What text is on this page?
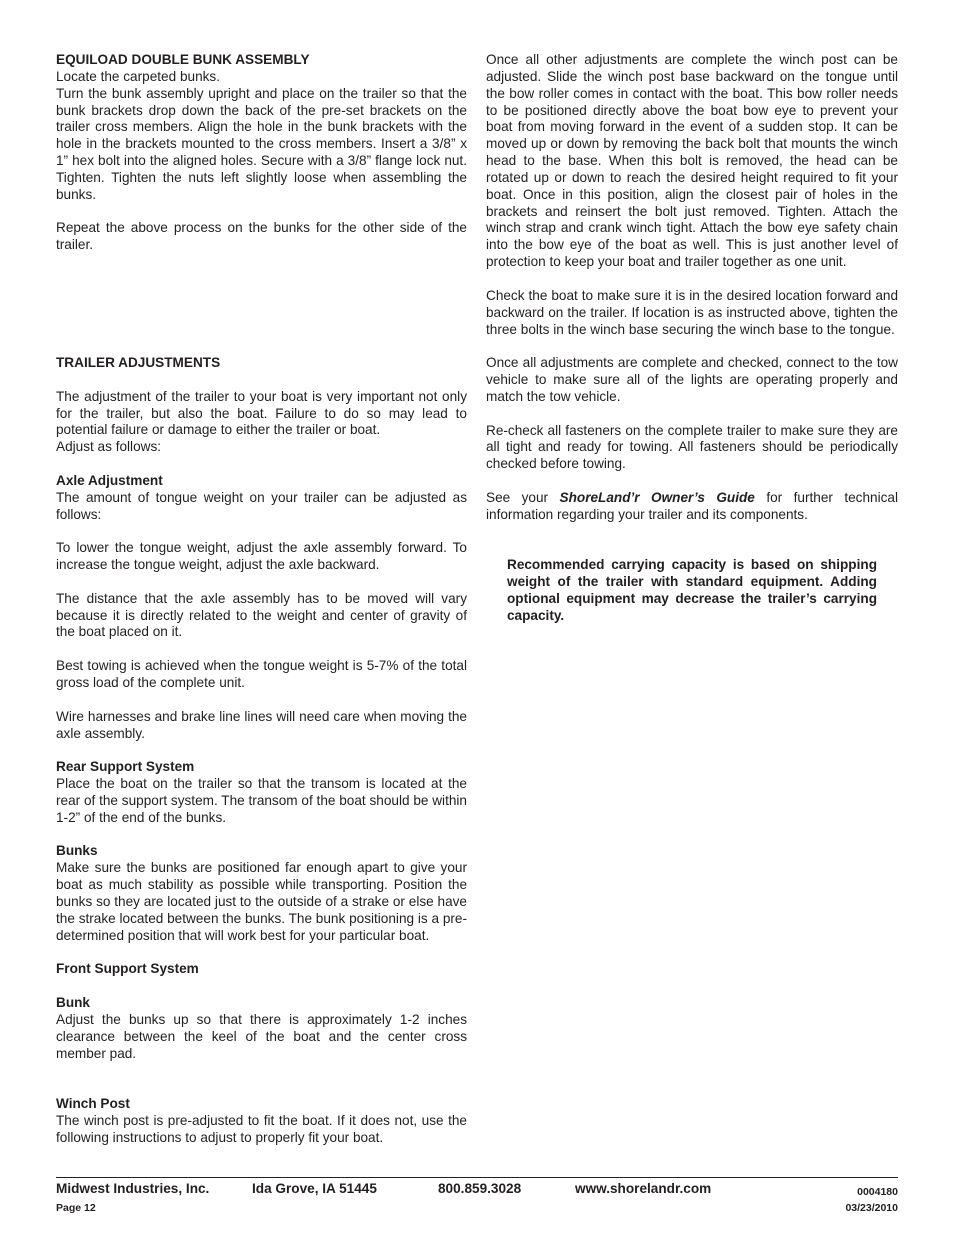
EQUILOAD DOUBLE BUNK ASSEMBLY

Locate the carpeted bunks.

Turn the bunk assembly upright and place on the trailer so that the bunk brackets drop down the back of the pre-set brackets on the trailer cross members. Align the hole in the bunk brackets with the hole in the brackets mounted to the cross members. Insert a 3/8” x 1” hex bolt into the aligned holes. Secure with a 3/8” flange lock nut. Tighten. Tighten the nuts left slightly loose when assembling the bunks.

Repeat the above process on the bunks for the other side of the trailer.

TRAILER ADJUSTMENTS

The adjustment of the trailer to your boat is very important not only for the trailer, but also the boat. Failure to do so may lead to potential failure or damage to either the trailer or boat.

Adjust as follows:

Axle Adjustment

The amount of tongue weight on your trailer can be adjusted as follows:

To lower the tongue weight, adjust the axle assembly forward. To increase the tongue weight, adjust the axle backward.

The distance that the axle assembly has to be moved will vary because it is directly related to the weight and center of gravity of the boat placed on it.

Best towing is achieved when the tongue weight is 5-7% of the total gross load of the complete unit.

Wire harnesses and brake line lines will need care when moving the axle assembly.

Rear Support System

Place the boat on the trailer so that the transom is located at the rear of the support system. The transom of the boat should be within 1-2” of the end of the bunks.

Bunks

Make sure the bunks are positioned far enough apart to give your boat as much stability as possible while transporting. Position the bunks so they are located just to the outside of a strake or else have the strake located between the bunks. The bunk positioning is a pre-determined position that will work best for your particular boat.

Front Support System

Bunk

Adjust the bunks up so that there is approximately 1-2 inches clearance between the keel of the boat and the center cross member pad.

Winch Post

The winch post is pre-adjusted to fit the boat. If it does not, use the following instructions to adjust to properly fit your boat.

Once all other adjustments are complete the winch post can be adjusted. Slide the winch post base backward on the tongue until the bow roller comes in contact with the boat. This bow roller needs to be positioned directly above the boat bow eye to prevent your boat from moving forward in the event of a sudden stop. It can be moved up or down by removing the back bolt that mounts the winch head to the base. When this bolt is removed, the head can be rotated up or down to reach the desired height required to fit your boat. Once in this position, align the closest pair of holes in the brackets and reinsert the bolt just removed. Tighten. Attach the winch strap and crank winch tight. Attach the bow eye safety chain into the bow eye of the boat as well. This is just another level of protection to keep your boat and trailer together as one unit.

Check the boat to make sure it is in the desired location forward and backward on the trailer. If location is as instructed above, tighten the three bolts in the winch base securing the winch base to the tongue.

Once all adjustments are complete and checked, connect to the tow vehicle to make sure all of the lights are operating properly and match the tow vehicle.

Re-check all fasteners on the complete trailer to make sure they are all tight and ready for towing. All fasteners should be periodically checked before towing.

See your ShoreLand’r Owner’s Guide for further technical information regarding your trailer and its components.

Recommended carrying capacity is based on shipping weight of the trailer with standard equipment. Adding optional equipment may decrease the trailer’s carrying capacity.

Midwest Industries, Inc.	Ida Grove, IA 51445	800.859.3028	www.shorelandr.com	0004180
Page 12	03/23/2010
